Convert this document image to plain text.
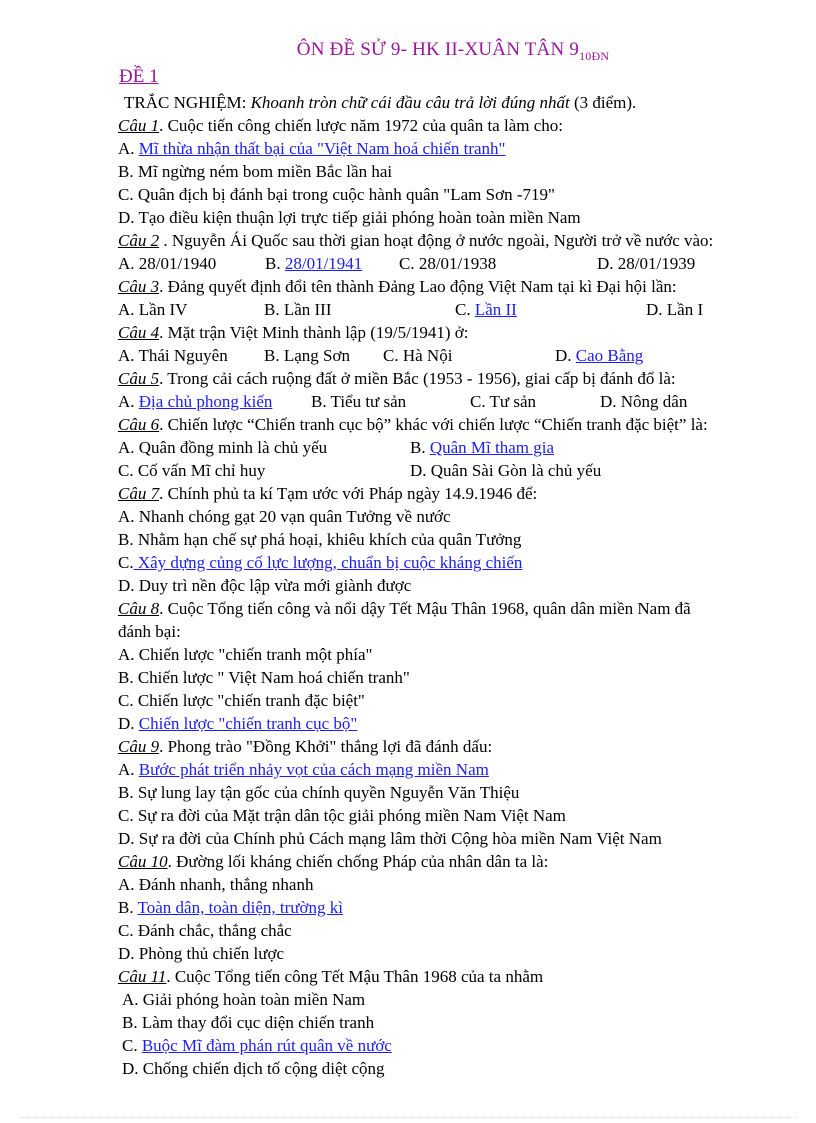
ÔN ĐỀ SỬ 9- HK II-XUÂN TÂN $9_{10ĐN}$
ĐỀ 1
TRẮC NGHIỆM: Khoanh tròn chữ cái đầu câu trả lời đúng nhất (3 điểm).
Câu 1. Cuộc tiến công chiến lược năm 1972 của quân ta làm cho:
A. Mĩ thừa nhận thất bại của "Việt Nam hoá chiến tranh"
B. Mĩ ngừng ném bom miền Bắc lần hai
C. Quân địch bị đánh bại trong cuộc hành quân "Lam Sơn -719"
D. Tạo điều kiện thuận lợi trực tiếp giải phóng hoàn toàn miền Nam
Câu 2 . Nguyễn Ái Quốc sau thời gian hoạt động ở nước ngoài, Người trở về nước vào:
A. 28/01/1940	B. 28/01/1941 C. 28/01/1938	D. 28/01/1939
Câu 3. Đảng quyết định đổi tên thành Đảng Lao động Việt Nam tại kì Đại hội lần:
A. Lần IV	B. Lần III	C. Lần II	D. Lần I
Câu 4. Mặt trận Việt Minh thành lập (19/5/1941) ở:
A. Thái Nguyên B. Lạng Sơn C. Hà Nội	D. Cao Bằng
Câu 5. Trong cải cách ruộng đất ở miền Bắc (1953 - 1956), giai cấp bị đánh đổ là:
A. Địa chủ phong kiến B. Tiểu tư sản	C. Tư sản	D. Nông dân
Câu 6. Chiến lược “Chiến tranh cục bộ” khác với chiến lược “Chiến tranh đặc biệt” là:
A. Quân đồng minh là chủ yếu	B. Quân Mĩ tham gia
C. Cố vấn Mĩ chỉ huy	D. Quân Sài Gòn là chủ yếu
Câu 7. Chính phủ ta kí Tạm ước với Pháp ngày 14.9.1946 để:
A. Nhanh chóng gạt 20 vạn quân Tưởng về nước
B. Nhằm hạn chế sự phá hoại, khiêu khích của quân Tưởng
C. Xây dựng củng cố lực lượng, chuẩn bị cuộc kháng chiến
D. Duy trì nền độc lập vừa mới giành được
Câu 8. Cuộc Tổng tiến công và nổi dậy Tết Mậu Thân 1968, quân dân miền Nam đã
đánh bại:
A. Chiến lược "chiến tranh một phía"
B. Chiến lược " Việt Nam hoá chiến tranh"
C. Chiến lược "chiến tranh đặc biệt"
D. Chiến lược "chiến tranh cục bộ"
Câu 9. Phong trào "Đồng Khởi" thắng lợi đã đánh dấu:
A. Bước phát triển nhảy vọt của cách mạng miền Nam
B. Sự lung lay tận gốc của chính quyền Nguyễn Văn Thiệu
C. Sự ra đời của Mặt trận dân tộc giải phóng miền Nam Việt Nam
D. Sự ra đời của Chính phủ Cách mạng lâm thời Cộng hòa miền Nam Việt Nam
Câu 10. Đường lối kháng chiến chống Pháp của nhân dân ta là:
A. Đánh nhanh, thắng nhanh
B. Toàn dân, toàn diện, trường kì
C. Đánh chắc, thắng chắc
D. Phòng thủ chiến lược
Câu 11. Cuộc Tổng tiến công Tết Mậu Thân 1968 của ta nhằm
A. Giải phóng hoàn toàn miền Nam
B. Làm thay đổi cục diện chiến tranh
C. Buộc Mĩ đàm phán rút quân về nước
D. Chống chiến dịch tố cộng diệt cộng
